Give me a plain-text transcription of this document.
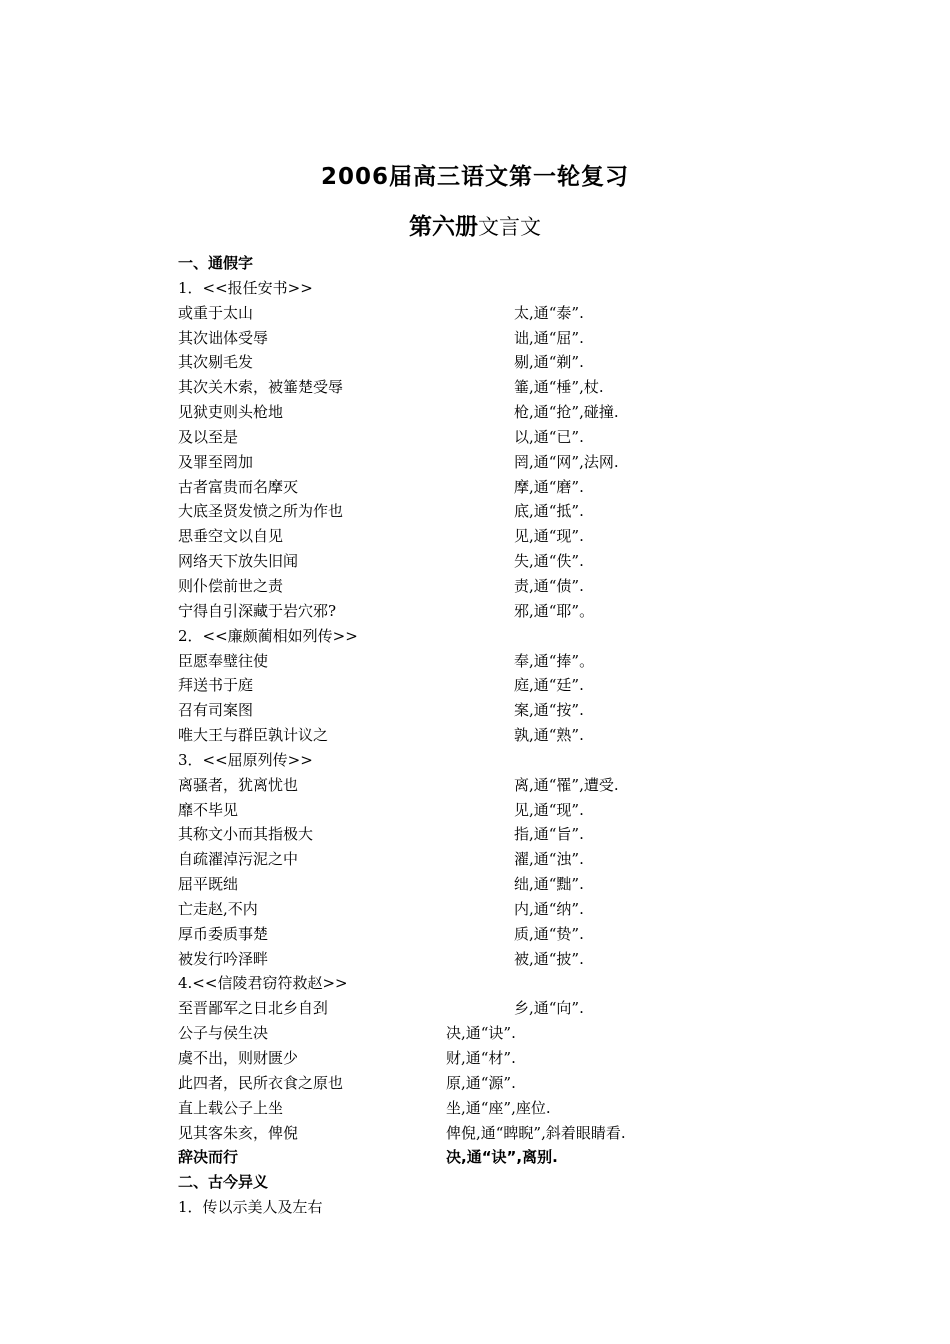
2006届高三语文第一轮复习
第六册文言文
一、通假字
1．<<报任安书>>
或重于太山	太,通“泰”.
其次诎体受辱	诎,通“屈”.
其次剔毛发	剔,通“剃”.
其次关木索，被箠楚受辱	箠,通“棰”,杖.
见狱吏则头枪地	枪,通“抢”,碰撞.
及以至是	以,通“已”.
及罪至罔加	罔,通“网”,法网.
古者富贵而名摩灭	摩,通“磨”.
大底圣贤发愤之所为作也	底,通“抵”.
思垂空文以自见	见,通“现”.
网络天下放失旧闻	失,通“佚”.
则仆偿前世之责	责,通“债”.
宁得自引深藏于岩穴邪?	邪,通“耶”。
2．<<廉颇蔺相如列传>>
臣愿奉璧往使	奉,通“捧”。
拜送书于庭	庭,通“廷”.
召有司案图	案,通“按”.
唯大王与群臣孰计议之	孰,通“熟”.
3．<<屈原列传>>
离骚者，犹离忧也	离,通“罹”,遭受.
靡不毕见	见,通“现”.
其称文小而其指极大	指,通“旨”.
自疏濯淖污泥之中	濯,通“浊”.
屈平既绌	绌,通“黜”.
亡走赵,不内	内,通“纳”.
厚币委质事楚	质,通“贽”.
被发行吟泽畔	被,通“披”.
4.<<信陵君窃符救赵>>
至晋鄙军之日北乡自刭	乡,通“向”.
公子与侯生决	决,通“诀”.
虞不出，则财匮少	财,通“材”.
此四者，民所衣食之原也	原,通“源”.
直上载公子上坐	坐,通“座”,座位.
见其客朱亥，俾倪	俾倪,通“睥睨”,斜着眼睛看.
辞决而行	决,通“诀”,离别.
二、古今异义
1．传以示美人及左右
